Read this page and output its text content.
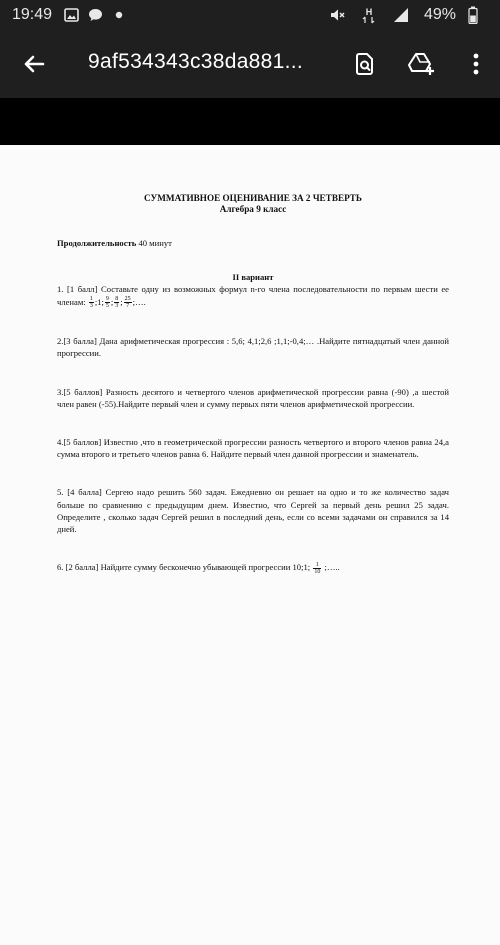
19:49	H	49%
9af534343c38da881...
СУММАТИВНОЕ ОЦЕНИВАНИЕ ЗА 2 ЧЕТВЕРТЬ
Алгебра 9 класс
Продолжительность 40 минут
II вариант
1. [1 балл] Составьте одну из возможных формул n-го члена последовательности по первым шести ее членам: $\frac{1}{3}$ ;1; $\frac{9}{5}$ ; $\frac{8}{3}$ ; $\frac{25}{7}$ ;….
2.[3 балла] Дана арифметическая прогрессия : 5,6; 4,1;2,6 ;1,1;-0,4;… .Найдите пятнадцатый член данной прогрессии.
3.[5 баллов] Разность десятого и четвертого членов арифметической прогрессии равна (-90) ,а шестой член равен (-55).Найдите первый член и сумму первых пяти членов арифметической прогрессии.
4.[5 баллов] Известно ,что в геометрической прогрессии разность четвертого и второго членов равна 24,а сумма второго и третьего членов равна 6. Найдите первый член данной прогрессии и знаменатель.
5. [4 балла] Сергею надо решить 560 задач. Ежедневно он решает на одно и то же количество задач больше по сравнению с предыдущим днем. Известно, что Сергей за первый день решил 25 задач. Определите , сколько задач Сергей решил в последний день, если со всеми задачами он справился за 14 дней.
6. [2 балла] Найдите сумму бесконечно убывающей прогрессии 10;1; $\frac{1}{10}$ ;…..
